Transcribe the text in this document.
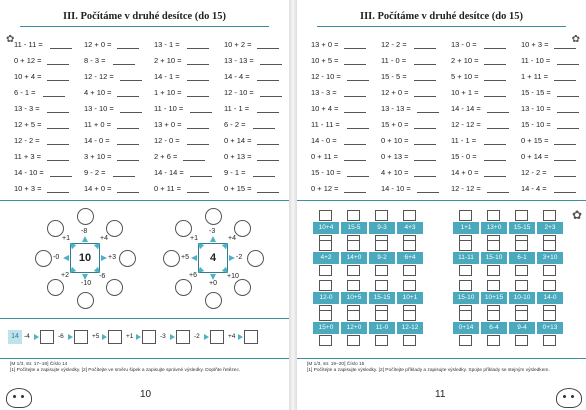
III. Počítáme v druhé desítce (do 15)
✿ 11 - 11 =	12 + 0 =	13 - 1 =	10 + 2 =
0 + 12 =	8 - 3 =	2 + 10 =	13 - 13 =
10 + 4 =	12 - 12 =	14 - 1 =	14 - 4 =
6 - 1 =	4 + 10 =	1 + 10 =	12 - 10 =
13 - 3 =	13 - 10 =	11 - 10 =	11 - 1 =
12 + 5 =	11 + 0 =	13 + 0 =	6 - 2 =
12 - 2 =	14 - 0 =	12 - 0 =	0 + 14 =
11 + 3 =	3 + 10 =	2 + 6 =	0 + 13 =
14 - 10 =	9 - 2 =	14 - 14 =	9 - 1 =
10 + 3 =	14 + 0 =	0 + 11 =	0 + 15 =
[M 1/3, str. 17–18] Číslo 14
[1] Počítejte a zapisujte výsledky. [2] Počítejte ve směru šipek a zapisujte správné výsledky. Doplňte řetězec.
10
10
-8
+4
+3
-6
-10
+2
-0
+1
4
-3
+4
-2
+10
+0
+6
+5
+1
14 -4	-6	+5	+1	-3	-2	+4
III. Počítáme v druhé desítce (do 15)
✿
13 + 0 =	12 - 2 =	13 - 0 =	10 + 3 =
10 + 5 =	11 - 0 =	2 + 10 =	11 - 10 =
12 - 10 =	15 - 5 =	5 + 10 =	1 + 11 =
13 - 3 =	12 + 0 =	10 + 1 =	15 - 15 =
10 + 4 =	13 - 13 =	14 - 14 =	13 - 10 =
11 - 11 =	15 + 0 =	12 - 12 =	15 - 10 =
14 - 0 =	0 + 10 =	11 - 1 =	0 + 15 =
0 + 11 =	0 + 13 =	15 - 0 =	0 + 14 =
15 - 10 =	4 + 10 =	14 + 0 =	12 - 2 =
0 + 12 =	14 - 10 =	12 - 12 =	14 - 4 =
✿
[M 1/3, str. 19–20] Číslo 15
[1] Počítejte a zapisujte výsledky. [2] Počítejte příklady a zapisujte výsledky. Spojte příklady se stejným výsledkem.
11
10+4	15-5	9-3	4+3	1+1	13+0	15-15	2+3
4+2	14+0	9-2	6+4	11-11	15-10	6-1	3+10
12-0	10+5	15-15	10+1	15-10	10+15	10-10	14-0
15+0	12+0	11-0	12-12	0+14	6-4	9-4	0+13
